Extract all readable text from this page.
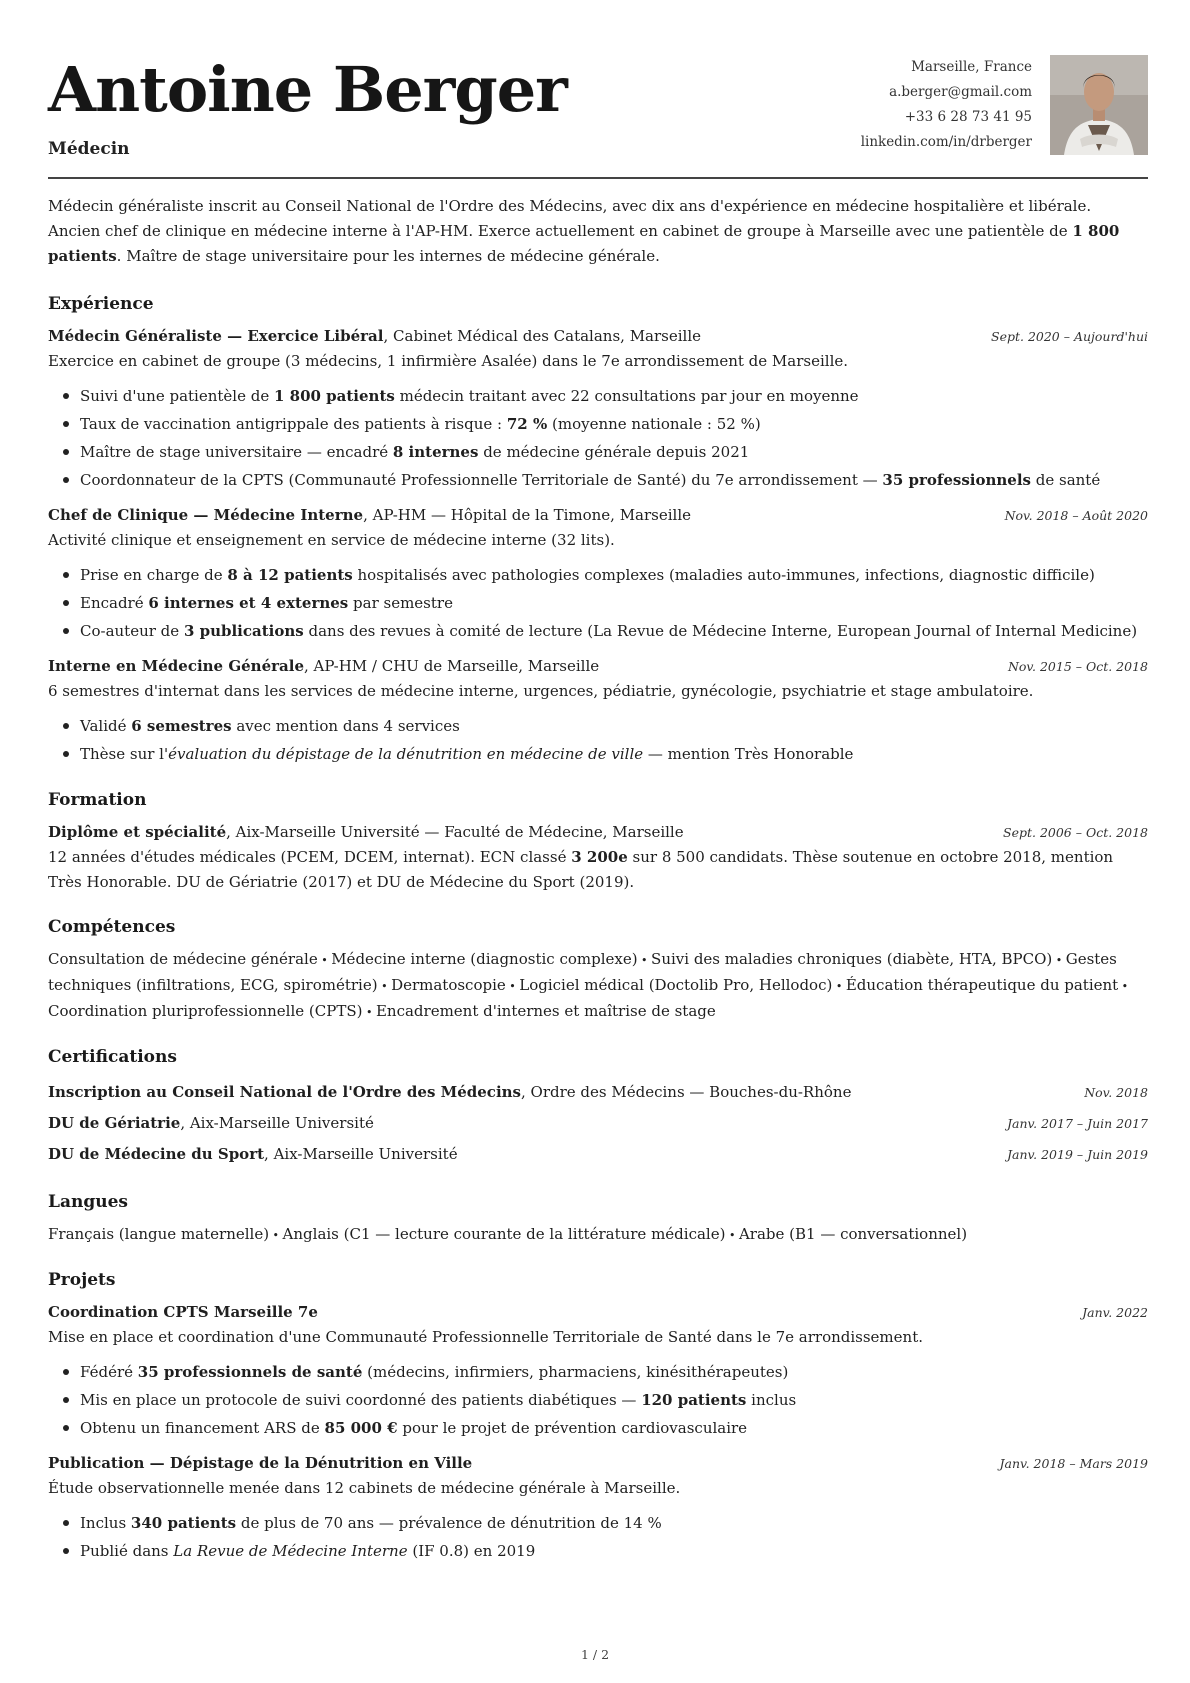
Antoine Berger
Médecin
Marseille, France
a.berger@gmail.com
+33 6 28 73 41 95
linkedin.com/in/drberger

Médecin généraliste inscrit au Conseil National de l'Ordre des Médecins, avec dix ans d'expérience en médecine hospitalière et libérale. Ancien chef de clinique en médecine interne à l'AP-HM. Exerce actuellement en cabinet de groupe à Marseille avec une patientèle de 1 800 patients. Maître de stage universitaire pour les internes de médecine générale.

Expérience
Médecin Généraliste — Exercice Libéral, Cabinet Médical des Catalans, Marseille	Sept. 2020 – Aujourd'hui

Exercice en cabinet de groupe (3 médecins, 1 infirmière Asalée) dans le 7e arrondissement de Marseille.

Suivi d'une patientèle de 1 800 patients médecin traitant avec 22 consultations par jour en moyenne
Taux de vaccination antigrippale des patients à risque : 72 % (moyenne nationale : 52 %)
Maître de stage universitaire — encadré 8 internes de médecine générale depuis 2021
Coordonnateur de la CPTS (Communauté Professionnelle Territoriale de Santé) du 7e arrondissement — 35 professionnels de santé
Chef de Clinique — Médecine Interne, AP-HM — Hôpital de la Timone, Marseille	Nov. 2018 – Août 2020

Activité clinique et enseignement en service de médecine interne (32 lits).

Prise en charge de 8 à 12 patients hospitalisés avec pathologies complexes (maladies auto-immunes, infections, diagnostic difficile)
Encadré 6 internes et 4 externes par semestre
Co-auteur de 3 publications dans des revues à comité de lecture (La Revue de Médecine Interne, European Journal of Internal Medicine)
Interne en Médecine Générale, AP-HM / CHU de Marseille, Marseille	Nov. 2015 – Oct. 2018

6 semestres d'internat dans les services de médecine interne, urgences, pédiatrie, gynécologie, psychiatrie et stage ambulatoire.

Validé 6 semestres avec mention dans 4 services
Thèse sur l'évaluation du dépistage de la dénutrition en médecine de ville — mention Très Honorable
Formation
Diplôme et spécialité, Aix-Marseille Université — Faculté de Médecine, Marseille	Sept. 2006 – Oct. 2018

12 années d'études médicales (PCEM, DCEM, internat). ECN classé 3 200e sur 8 500 candidats. Thèse soutenue en octobre 2018, mention Très Honorable. DU de Gériatrie (2017) et DU de Médecine du Sport (2019).

Compétences

Consultation de médecine générale • Médecine interne (diagnostic complexe) • Suivi des maladies chroniques (diabète, HTA, BPCO) • Gestes techniques (infiltrations, ECG, spirométrie) • Dermatoscopie • Logiciel médical (Doctolib Pro, Hellodoc) • Éducation thérapeutique du patient • Coordination pluriprofessionnelle (CPTS) • Encadrement d'internes et maîtrise de stage

Certifications
Inscription au Conseil National de l'Ordre des Médecins, Ordre des Médecins — Bouches-du-Rhône	Nov. 2018
DU de Gériatrie, Aix-Marseille Université	Janv. 2017 – Juin 2017
DU de Médecine du Sport, Aix-Marseille Université	Janv. 2019 – Juin 2019
Langues

Français (langue maternelle) • Anglais (C1 — lecture courante de la littérature médicale) • Arabe (B1 — conversationnel)

Projets
Coordination CPTS Marseille 7e	Janv. 2022

Mise en place et coordination d'une Communauté Professionnelle Territoriale de Santé dans le 7e arrondissement.

Fédéré 35 professionnels de santé (médecins, infirmiers, pharmaciens, kinésithérapeutes)
Mis en place un protocole de suivi coordonné des patients diabétiques — 120 patients inclus
Obtenu un financement ARS de 85 000 € pour le projet de prévention cardiovasculaire
Publication — Dépistage de la Dénutrition en Ville	Janv. 2018 – Mars 2019

Étude observationnelle menée dans 12 cabinets de médecine générale à Marseille.

Inclus 340 patients de plus de 70 ans — prévalence de dénutrition de 14 %
Publié dans La Revue de Médecine Interne (IF 0.8) en 2019
1 / 2
